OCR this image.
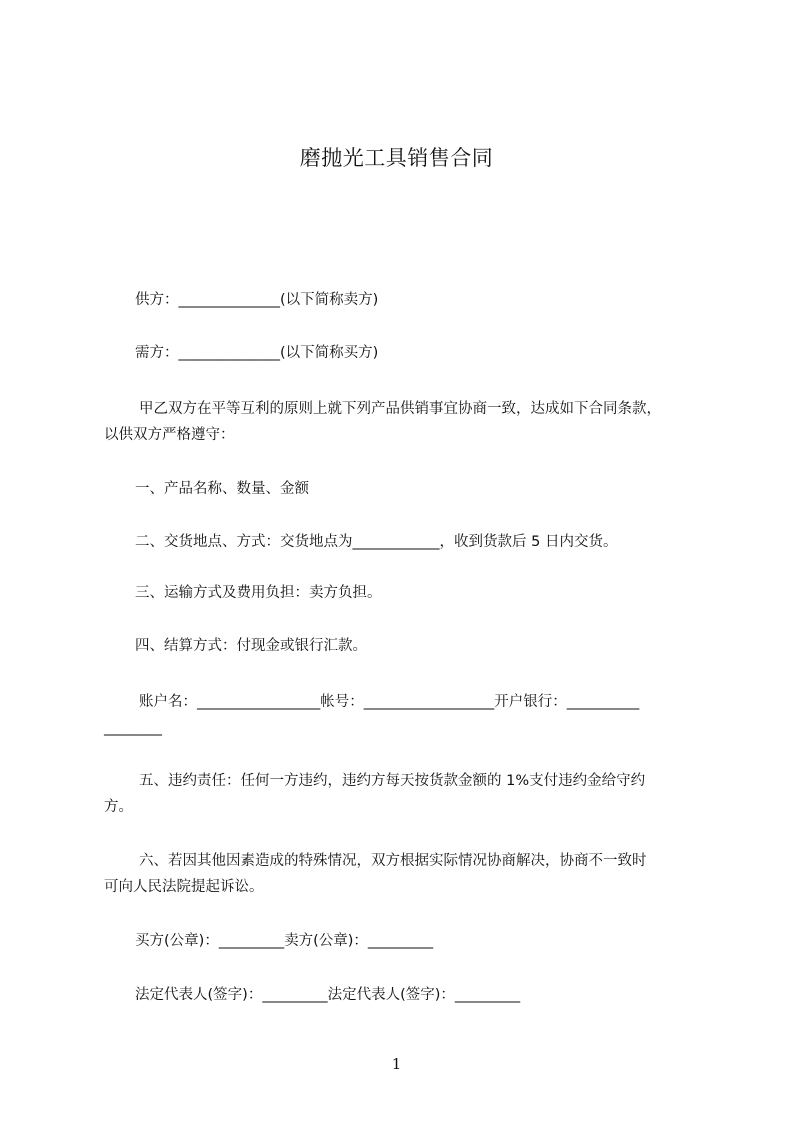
磨抛光工具销售合同
供方：______________(以下简称卖方)
需方：______________(以下简称买方)
甲乙双方在平等互利的原则上就下列产品供销事宜协商一致，达成如下合同条款，
以供双方严格遵守：
一、产品名称、数量、金额
二、交货地点、方式：交货地点为____________，收到货款后 5 日内交货。
三、运输方式及费用负担：卖方负担。
四、结算方式：付现金或银行汇款。
账户名：_________________帐号：__________________开户银行：__________
________
五、违约责任：任何一方违约，违约方每天按货款金额的 1%支付违约金给守约
方。
六、若因其他因素造成的特殊情况，双方根据实际情况协商解决，协商不一致时
可向人民法院提起诉讼。
买方(公章)：_________卖方(公章)：_________
法定代表人(签字)：_________法定代表人(签字)：_________
1
